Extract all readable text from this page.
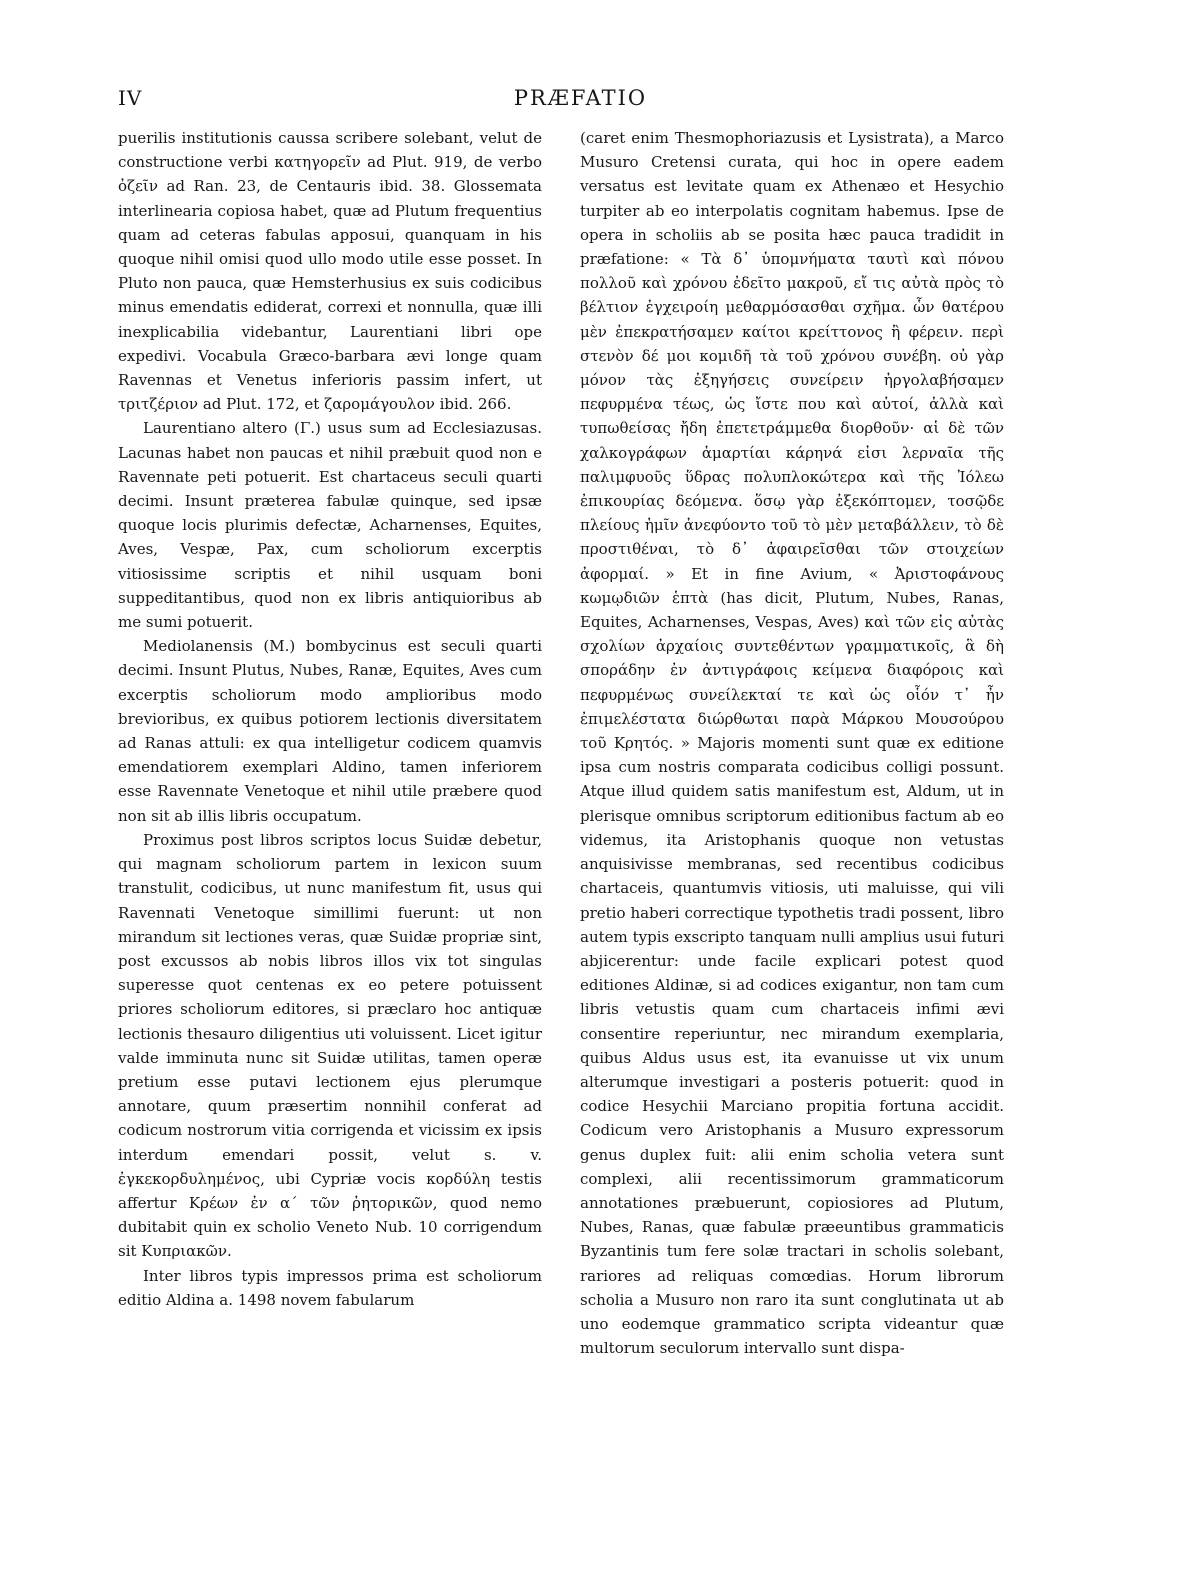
IV	PRÆFATIO

puerilis institutionis caussa scribere solebant, velut de constructione verbi κατηγορεῖν ad Plut. 919, de verbo ὀζεῖν ad Ran. 23, de Centauris ibid. 38. Glossemata interlinearia copiosa habet, quæ ad Plutum frequentius quam ad ceteras fabulas apposui, quanquam in his quoque nihil omisi quod ullo modo utile esse posset. In Pluto non pauca, quæ Hemsterhusius ex suis codicibus minus emendatis ediderat, correxi et nonnulla, quæ illi inexplicabilia videbantur, Laurentiani libri ope expedivi. Vocabula Græco-barbara ævi longe quam Ravennas et Venetus inferioris passim infert, ut τριτζέριον ad Plut. 172, et ζαρομάγουλον ibid. 266.

Laurentiano altero (Γ.) usus sum ad Ecclesiazusas. Lacunas habet non paucas et nihil præbuit quod non e Ravennate peti potuerit. Est chartaceus seculi quarti decimi. Insunt præterea fabulæ quinque, sed ipsæ quoque locis plurimis defectæ, Acharnenses, Equites, Aves, Vespæ, Pax, cum scholiorum excerptis vitiosissime scriptis et nihil usquam boni suppeditantibus, quod non ex libris antiquioribus ab me sumi potuerit.

Mediolanensis (M.) bombycinus est seculi quarti decimi. Insunt Plutus, Nubes, Ranæ, Equites, Aves cum excerptis scholiorum modo amplioribus modo brevioribus, ex quibus potiorem lectionis diversitatem ad Ranas attuli: ex qua intelligetur codicem quamvis emendatiorem exemplari Aldino, tamen inferiorem esse Ravennate Venetoque et nihil utile præbere quod non sit ab illis libris occupatum.

Proximus post libros scriptos locus Suidæ debetur, qui magnam scholiorum partem in lexicon suum transtulit, codicibus, ut nunc manifestum fit, usus qui Ravennati Venetoque simillimi fuerunt: ut non mirandum sit lectiones veras, quæ Suidæ propriæ sint, post excussos ab nobis libros illos vix tot singulas superesse quot centenas ex eo petere potuissent priores scholiorum editores, si præclaro hoc antiquæ lectionis thesauro diligentius uti voluissent. Licet igitur valde imminuta nunc sit Suidæ utilitas, tamen operæ pretium esse putavi lectionem ejus plerumque annotare, quum præsertim nonnihil conferat ad codicum nostrorum vitia corrigenda et vicissim ex ipsis interdum emendari possit, velut s. v. ἐγκεκορδυλημένος, ubi Cypriæ vocis κορδύλη testis affertur Κρέων ἐν α´ τῶν ῥητορικῶν, quod nemo dubitabit quin ex scholio Veneto Nub. 10 corrigendum sit Κυπριακῶν.

Inter libros typis impressos prima est scholiorum editio Aldina a. 1498 novem fabularum

(caret enim Thesmophoriazusis et Lysistrata), a Marco Musuro Cretensi curata, qui hoc in opere eadem versatus est levitate quam ex Athenæo et Hesychio turpiter ab eo interpolatis cognitam habemus. Ipse de opera in scholiis ab se posita hæc pauca tradidit in præfatione: « Τὰ δ᾽ ὑπομνήματα ταυτὶ καὶ πόνου πολλοῦ καὶ χρόνου ἐδεῖτο μακροῦ, εἴ τις αὐτὰ πρὸς τὸ βέλτιον ἐγχειροίη μεθαρμόσασθαι σχῆμα. ὧν θατέρου μὲν ἐπεκρατήσαμεν καίτοι κρείττονος ἢ φέρειν. περὶ στενὸν δέ μοι κομιδῆ τὰ τοῦ χρόνου συνέβη. οὐ γὰρ μόνον τὰς ἐξηγήσεις συνείρειν ἠργολαβήσαμεν πεφυρμένα τέως, ὡς ἴστε που καὶ αὐτοί, ἀλλὰ καὶ τυπωθείσας ἤδη ἐπετετράμμεθα διορθοῦν· αἱ δὲ τῶν χαλκογράφων ἁμαρτίαι κάρηνά εἰσι λερναῖα τῆς παλιμφυοῦς ὕδρας πολυπλοκώτερα καὶ τῆς Ἰόλεω ἐπικουρίας δεόμενα. ὅσῳ γὰρ ἐξεκόπτομεν, τοσῷδε πλείους ἡμῖν ἀνεφύοντο τοῦ τὸ μὲν μεταβάλλειν, τὸ δὲ προστιθέναι, τὸ δ᾽ ἀφαιρεῖσθαι τῶν στοιχείων ἀφορμαί. » Et in fine Avium, « Ἀριστοφάνους κωμῳδιῶν ἑπτὰ (has dicit, Plutum, Nubes, Ranas, Equites, Acharnenses, Vespas, Aves) καὶ τῶν εἰς αὐτὰς σχολίων ἀρχαίοις συντεθέντων γραμματικοῖς, ἃ δὴ σποράδην ἐν ἀντιγράφοις κείμενα διαφόροις καὶ πεφυρμένως συνείλεκταί τε καὶ ὡς οἷόν τ᾽ ἦν ἐπιμελέστατα διώρθωται παρὰ Μάρκου Μουσούρου τοῦ Κρητός. » Majoris momenti sunt quæ ex editione ipsa cum nostris comparata codicibus colligi possunt. Atque illud quidem satis manifestum est, Aldum, ut in plerisque omnibus scriptorum editionibus factum ab eo videmus, ita Aristophanis quoque non vetustas anquisivisse membranas, sed recentibus codicibus chartaceis, quantumvis vitiosis, uti maluisse, qui vili pretio haberi correctique typothetis tradi possent, libro autem typis exscripto tanquam nulli amplius usui futuri abjicerentur: unde facile explicari potest quod editiones Aldinæ, si ad codices exigantur, non tam cum libris vetustis quam cum chartaceis infimi ævi consentire reperiuntur, nec mirandum exemplaria, quibus Aldus usus est, ita evanuisse ut vix unum alterumque investigari a posteris potuerit: quod in codice Hesychii Marciano propitia fortuna accidit. Codicum vero Aristophanis a Musuro expressorum genus duplex fuit: alii enim scholia vetera sunt complexi, alii recentissimorum grammaticorum annotationes præbuerunt, copiosiores ad Plutum, Nubes, Ranas, quæ fabulæ præeuntibus grammaticis Byzantinis tum fere solæ tractari in scholis solebant, rariores ad reliquas comœdias. Horum librorum scholia a Musuro non raro ita sunt conglutinata ut ab uno eodemque grammatico scripta videantur quæ multorum seculorum intervallo sunt dispa-
